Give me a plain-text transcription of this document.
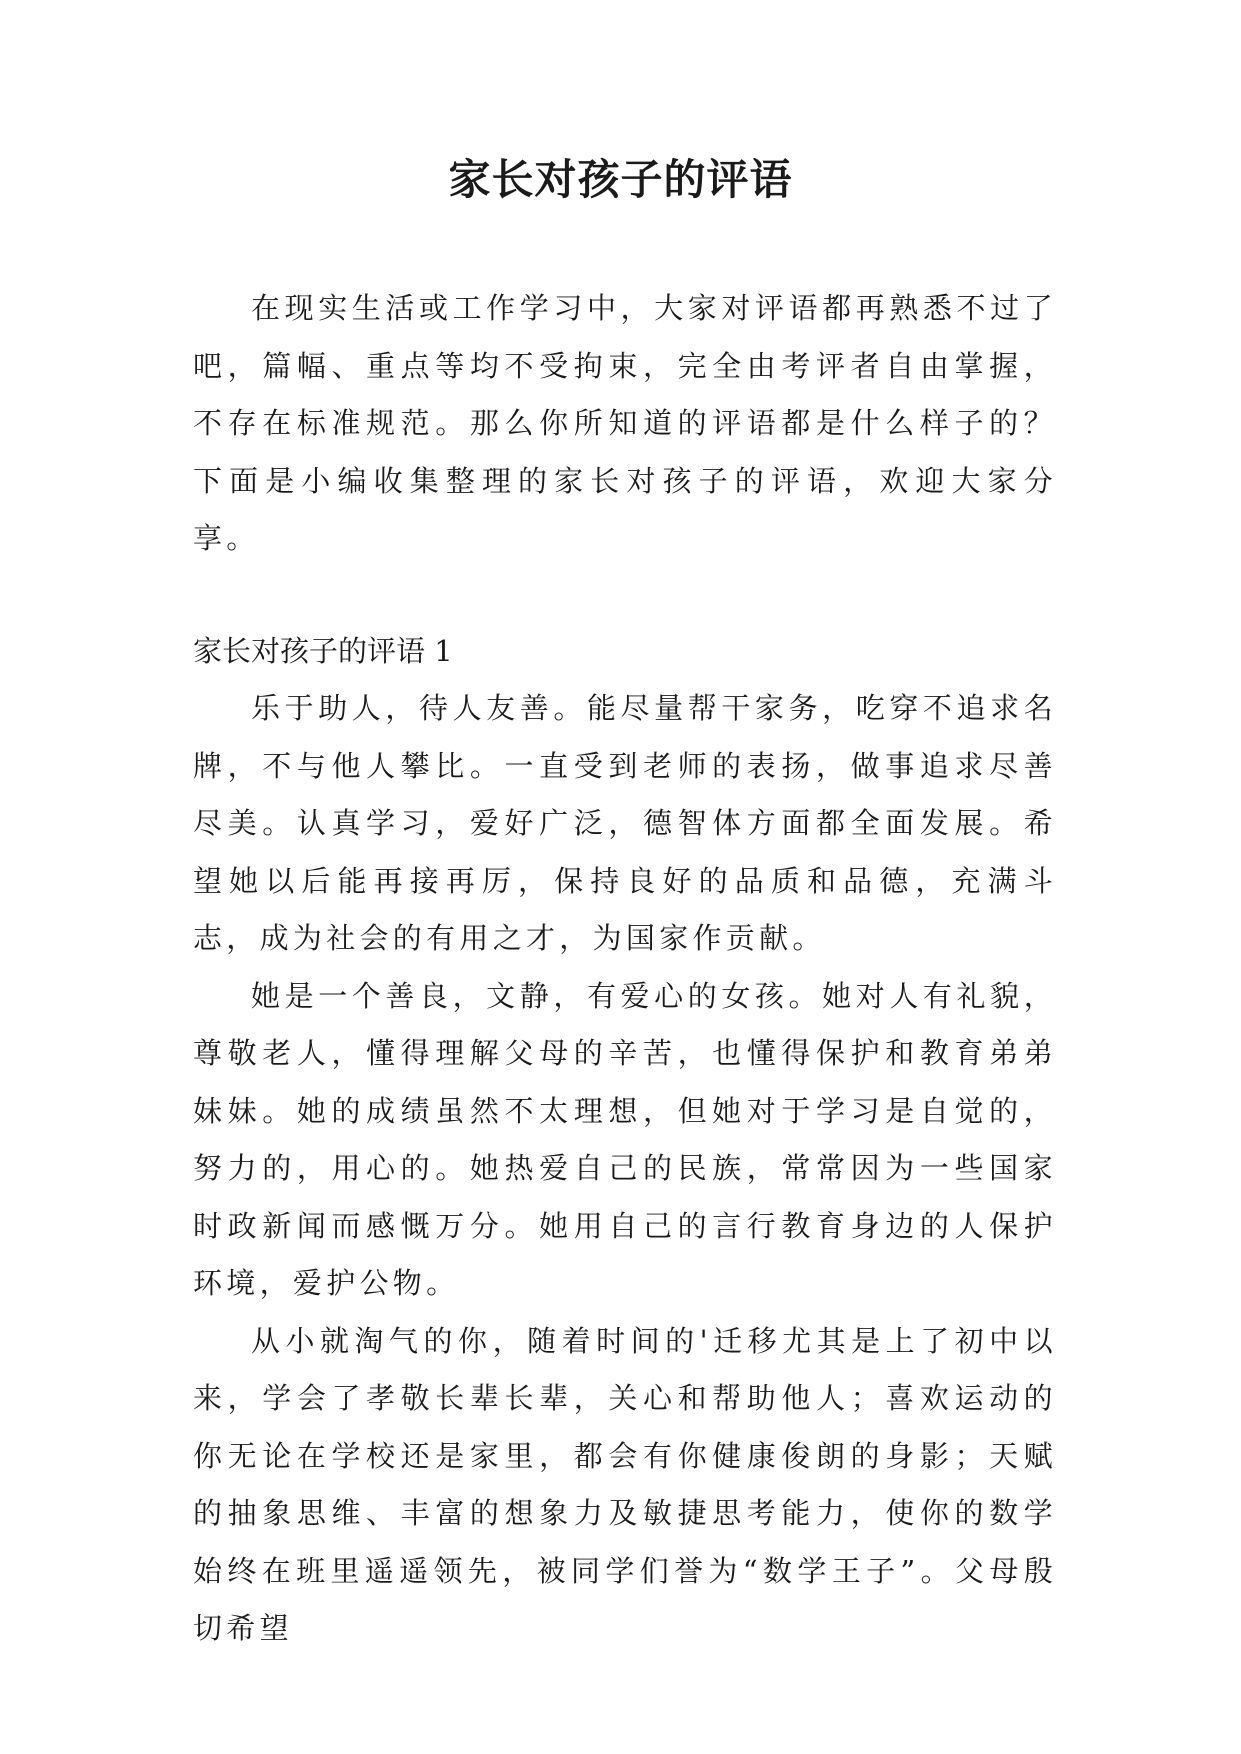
家长对孩子的评语

在现实生活或工作学习中，大家对评语都再熟悉不过了吧，篇幅、重点等均不受拘束，完全由考评者自由掌握，不存在标准规范。那么你所知道的评语都是什么样子的？下面是小编收集整理的家长对孩子的评语，欢迎大家分享。

家长对孩子的评语 1

乐于助人，待人友善。能尽量帮干家务，吃穿不追求名牌，不与他人攀比。一直受到老师的表扬，做事追求尽善尽美。认真学习，爱好广泛，德智体方面都全面发展。希望她以后能再接再厉，保持良好的品质和品德，充满斗志，成为社会的有用之才，为国家作贡献。

她是一个善良，文静，有爱心的女孩。她对人有礼貌，尊敬老人，懂得理解父母的辛苦，也懂得保护和教育弟弟妹妹。她的成绩虽然不太理想，但她对于学习是自觉的，努力的，用心的。她热爱自己的民族，常常因为一些国家时政新闻而感慨万分。她用自己的言行教育身边的人保护环境，爱护公物。

从小就淘气的你，随着时间的'迁移尤其是上了初中以来，学会了孝敬长辈长辈，关心和帮助他人；喜欢运动的你无论在学校还是家里，都会有你健康俊朗的身影；天赋的抽象思维、丰富的想象力及敏捷思考能力，使你的数学始终在班里遥遥领先，被同学们誉为“数学王子”。父母殷切希望
